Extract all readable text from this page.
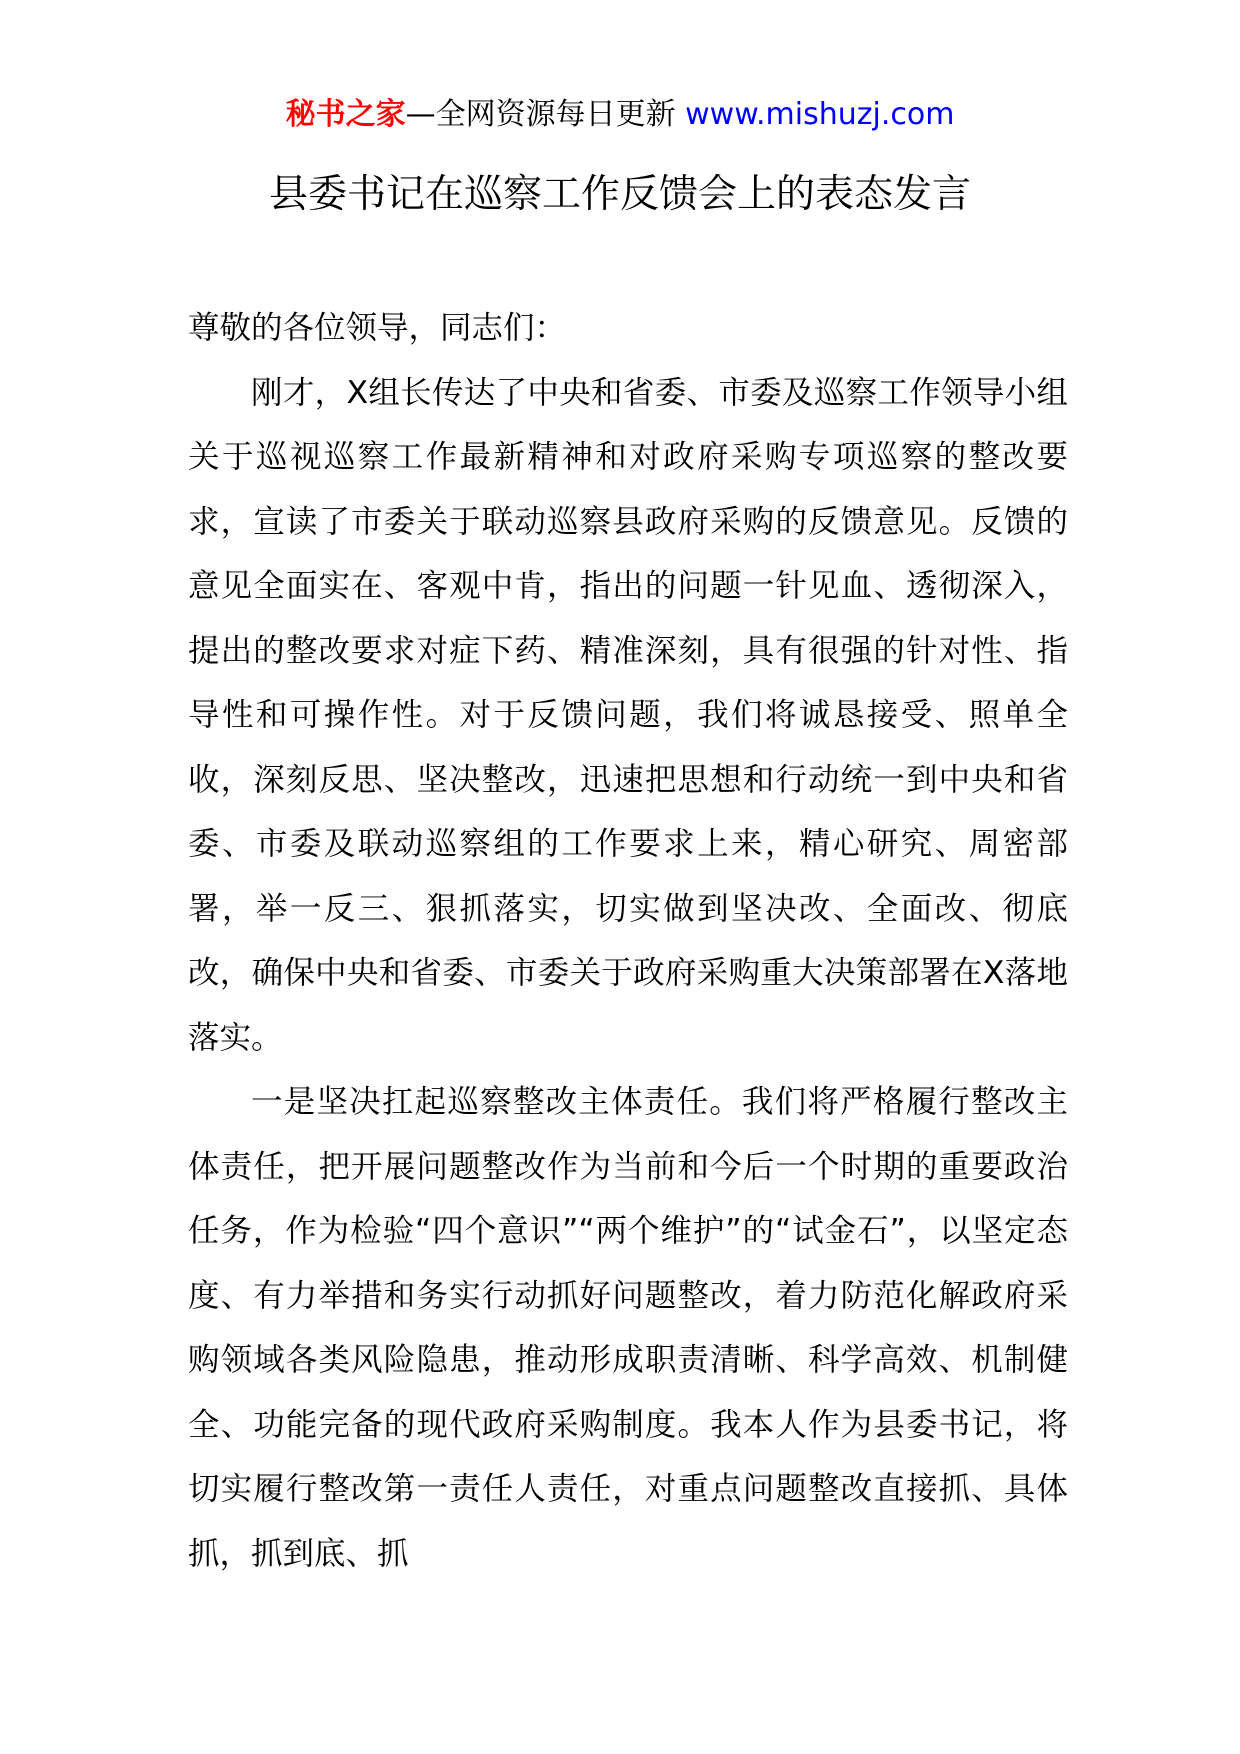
秘书之家—全网资源每日更新 www.mishuzj.com
县委书记在巡察工作反馈会上的表态发言

尊敬的各位领导，同志们：

刚才，X组长传达了中央和省委、市委及巡察工作领导小组关于巡视巡察工作最新精神和对政府采购专项巡察的整改要求，宣读了市委关于联动巡察县政府采购的反馈意见。反馈的意见全面实在、客观中肯，指出的问题一针见血、透彻深入，提出的整改要求对症下药、精准深刻，具有很强的针对性、指导性和可操作性。对于反馈问题，我们将诚恳接受、照单全收，深刻反思、坚决整改，迅速把思想和行动统一到中央和省委、市委及联动巡察组的工作要求上来，精心研究、周密部署，举一反三、狠抓落实，切实做到坚决改、全面改、彻底改，确保中央和省委、市委关于政府采购重大决策部署在X落地落实。

一是坚决扛起巡察整改主体责任。我们将严格履行整改主体责任，把开展问题整改作为当前和今后一个时期的重要政治任务，作为检验“四个意识”“两个维护”的“试金石”，以坚定态度、有力举措和务实行动抓好问题整改，着力防范化解政府采购领域各类风险隐患，推动形成职责清晰、科学高效、机制健全、功能完备的现代政府采购制度。我本人作为县委书记，将切实履行整改第一责任人责任，对重点问题整改直接抓、具体抓，抓到底、抓
